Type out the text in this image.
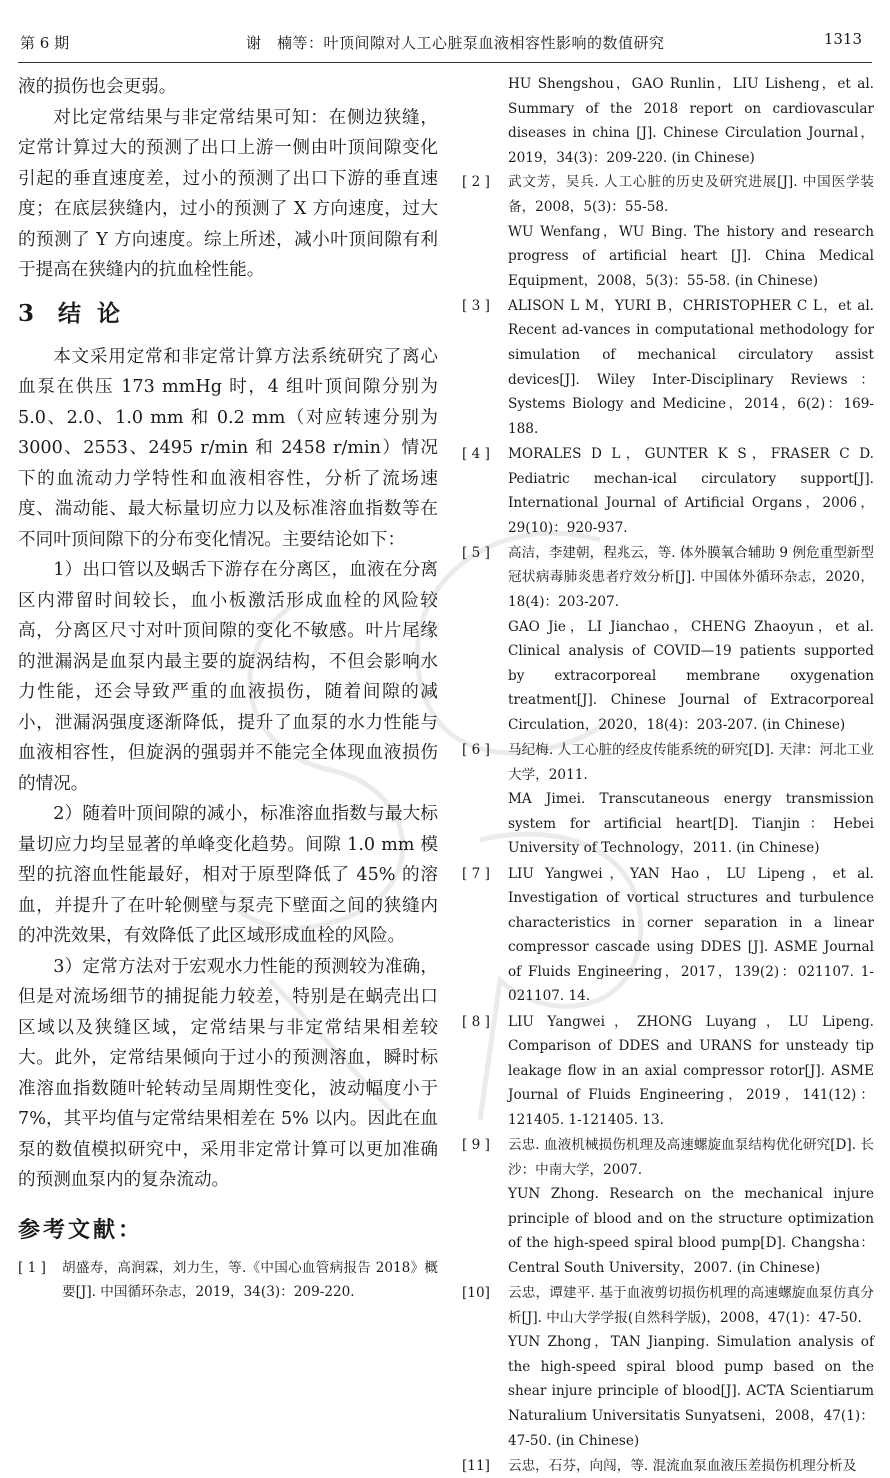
第 6 期	谢　楠等：叶顶间隙对人工心脏泵血液相容性影响的数值研究	1313

液的损伤也会更弱。

对比定常结果与非定常结果可知：在侧边狭缝，定常计算过大的预测了出口上游一侧由叶顶间隙变化引起的垂直速度差，过小的预测了出口下游的垂直速度；在底层狭缝内，过小的预测了 X 方向速度，过大的预测了 Y 方向速度。综上所述，减小叶顶间隙有利于提高在狭缝内的抗血栓性能。

3 结论

本文采用定常和非定常计算方法系统研究了离心血泵在供压 173 mmHg 时，4 组叶顶间隙分别为 5.0、2.0、1.0 mm 和 0.2 mm（对应转速分别为 3000、2553、2495 r/min 和 2458 r/min）情况下的血流动力学特性和血液相容性，分析了流场速度、湍动能、最大标量切应力以及标准溶血指数等在不同叶顶间隙下的分布变化情况。主要结论如下：

1）出口管以及蜗舌下游存在分离区，血液在分离区内滞留时间较长，血小板激活形成血栓的风险较高，分离区尺寸对叶顶间隙的变化不敏感。叶片尾缘的泄漏涡是血泵内最主要的旋涡结构，不但会影响水力性能，还会导致严重的血液损伤，随着间隙的减小，泄漏涡强度逐渐降低，提升了血泵的水力性能与血液相容性，但旋涡的强弱并不能完全体现血液损伤的情况。

2）随着叶顶间隙的减小，标准溶血指数与最大标量切应力均呈显著的单峰变化趋势。间隙 1.0 mm 模型的抗溶血性能最好，相对于原型降低了 45% 的溶血，并提升了在叶轮侧壁与泵壳下壁面之间的狭缝内的冲洗效果，有效降低了此区域形成血栓的风险。

3）定常方法对于宏观水力性能的预测较为准确，但是对流场细节的捕捉能力较差，特别是在蜗壳出口区域以及狭缝区域，定常结果与非定常结果相差较大。此外，定常结果倾向于过小的预测溶血，瞬时标准溶血指数随叶轮转动呈周期性变化，波动幅度小于 7%，其平均值与定常结果相差在 5% 以内。因此在血泵的数值模拟研究中，采用非定常计算可以更加准确的预测血泵内的复杂流动。

参考文献：
[ 1 ] 胡盛寿，高润霖，刘力生，等.《中国心血管病报告 2018》概要[J]. 中国循环杂志，2019，34(3)：209-220.
HU Shengshou，GAO Runlin，LIU Lisheng，et al. Summary of the 2018 report on cardiovascular diseases in china [J]. Chinese Circulation Journal，2019，34(3)：209-220. (in Chinese)
[ 2 ] 武文芳，吴兵. 人工心脏的历史及研究进展[J]. 中国医学装备，2008，5(3)：55-58.
WU Wenfang，WU Bing. The history and research progress of artificial heart [J]. China Medical Equipment，2008，5(3)：55-58. (in Chinese)
[ 3 ] ALISON L M，YURI B，CHRISTOPHER C L，et al. Recent ad-vances in computational methodology for simulation of mechanical circulatory assist devices[J]. Wiley Inter-Disciplinary Reviews：Systems Biology and Medicine，2014，6(2)：169-188.
[ 4 ] MORALES D L，GUNTER K S，FRASER C D. Pediatric mechan-ical circulatory support[J]. International Journal of Artificial Organs，2006，29(10)：920-937.
[ 5 ] 高洁，李建朝，程兆云，等. 体外膜氧合辅助 9 例危重型新型冠状病毒肺炎患者疗效分析[J]. 中国体外循环杂志，2020，18(4)：203-207.
GAO Jie，LI Jianchao，CHENG Zhaoyun，et al. Clinical analysis of COVID—19 patients supported by extracorporeal membrane oxygenation treatment[J]. Chinese Journal of Extracorporeal Circulation，2020，18(4)：203-207. (in Chinese)
[ 6 ] 马纪梅. 人工心脏的经皮传能系统的研究[D]. 天津：河北工业大学，2011.
MA Jimei. Transcutaneous energy transmission system for artificial heart[D]. Tianjin：Hebei University of Technology，2011. (in Chinese)
[ 7 ] LIU Yangwei，YAN Hao，LU Lipeng，et al. Investigation of vortical structures and turbulence characteristics in corner separation in a linear compressor cascade using DDES [J]. ASME Journal of Fluids Engineering，2017，139(2)：021107. 1-021107. 14.
[ 8 ] LIU Yangwei，ZHONG Luyang，LU Lipeng. Comparison of DDES and URANS for unsteady tip leakage flow in an axial compressor rotor[J]. ASME Journal of Fluids Engineering，2019，141(12)：121405. 1-121405. 13.
[ 9 ] 云忠. 血液机械损伤机理及高速螺旋血泵结构优化研究[D]. 长沙：中南大学，2007.
YUN Zhong. Research on the mechanical injure principle of blood and on the structure optimization of the high-speed spiral blood pump[D]. Changsha：Central South University，2007. (in Chinese)
[10] 云忠，谭建平. 基于血液剪切损伤机理的高速螺旋血泵仿真分析[J]. 中山大学学报(自然科学版)，2008，47(1)：47-50.
YUN Zhong，TAN Jianping. Simulation analysis of the high-speed spiral blood pump based on the shear injure principle of blood[J]. ACTA Scientiarum Naturalium Universitatis Sunyatseni，2008，47(1)：47-50. (in Chinese)
[11] 云忠，石芬，向闯，等. 混流血泵血液压差损伤机理分析及
